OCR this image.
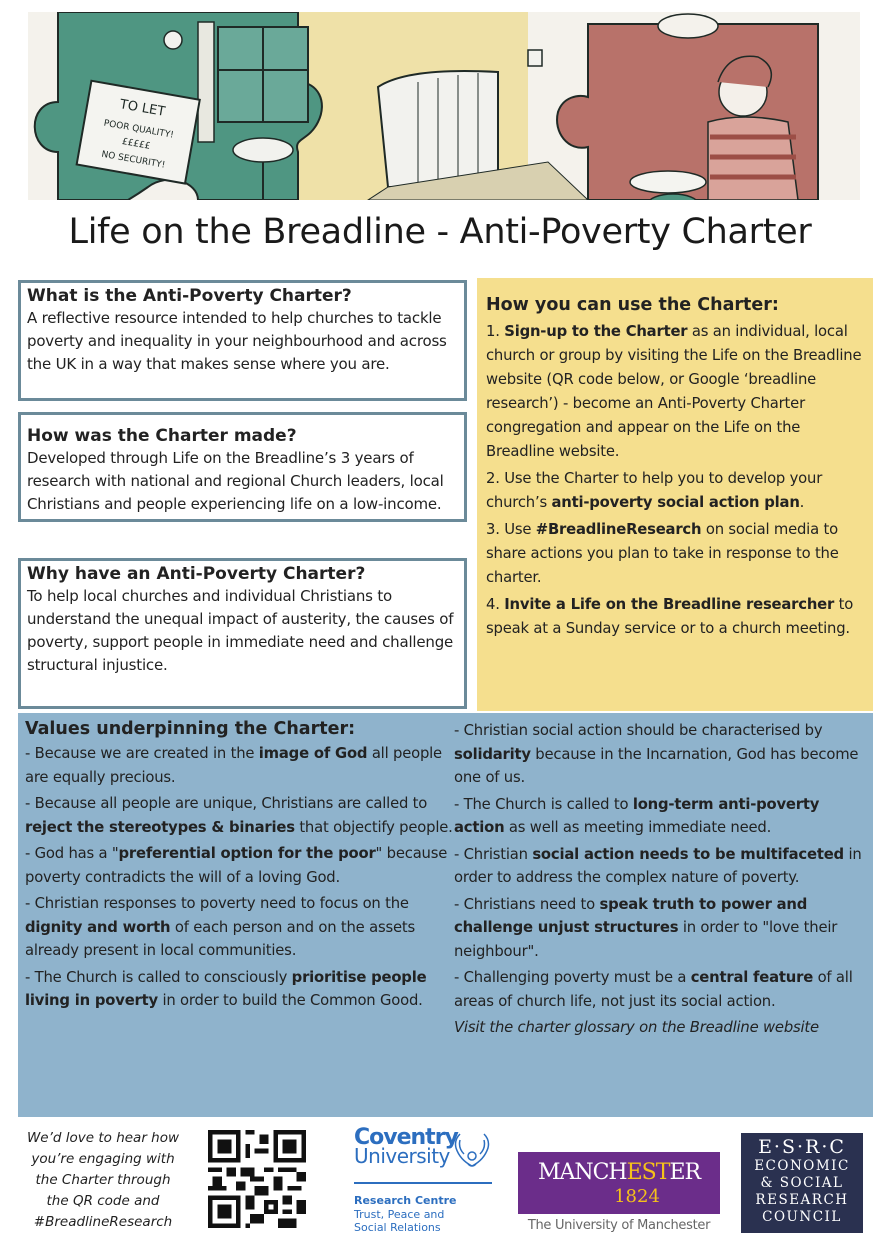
TO LET
POOR QUALITY!
£££££
NO SECURITY!
Life on the Breadline - Anti-Poverty Charter
What is the Anti-Poverty Charter?

A reflective resource intended to help churches to tackle poverty and inequality in your neighbourhood and across the UK in a way that makes sense where you are.

How was the Charter made?

Developed through Life on the Breadline’s 3 years of research with national and regional Church leaders, local Christians and people experiencing life on a low-income.

Why have an Anti-Poverty Charter?

To help local churches and individual Christians to understand the unequal impact of austerity, the causes of poverty, support people in immediate need and challenge structural injustice.

How you can use the Charter:

1. Sign-up to the Charter as an individual, local church or group by visiting the Life on the Breadline website (QR code below, or Google ‘breadline research’) - become an Anti-Poverty Charter congregation and appear on the Life on the Breadline website.

2. Use the Charter to help you to develop your church’s anti-poverty social action plan.

3. Use #BreadlineResearch on social media to share actions you plan to take in response to the charter.

4. Invite a Life on the Breadline researcher to speak at a Sunday service or to a church meeting.

Values underpinning the Charter:

- Because we are created in the image of God all people are equally precious.

- Because all people are unique, Christians are called to reject the stereotypes & binaries that objectify people.

- God has a "preferential option for the poor" because poverty contradicts the will of a loving God.

- Christian responses to poverty need to focus on the dignity and worth of each person and on the assets already present in local communities.

- The Church is called to consciously prioritise people living in poverty in order to build the Common Good.

- Christian social action should be characterised by solidarity because in the Incarnation, God has become one of us.

- The Church is called to long-term anti-poverty action as well as meeting immediate need.

- Christian social action needs to be multifaceted in order to address the complex nature of poverty.

- Christians need to speak truth to power and challenge unjust structures in order to "love their neighbour".

- Challenging poverty must be a central feature of all areas of church life, not just its social action.

Visit the charter glossary on the Breadline website

We’d love to hear how
you’re engaging with
the Charter through
the QR code and
#BreadlineResearch
Coventry
University
Research Centre
Trust, Peace and
Social Relations
MANCHESTER
1824
The University of Manchester
E·S·R·C
ECONOMIC
& SOCIAL
RESEARCH
COUNCIL
